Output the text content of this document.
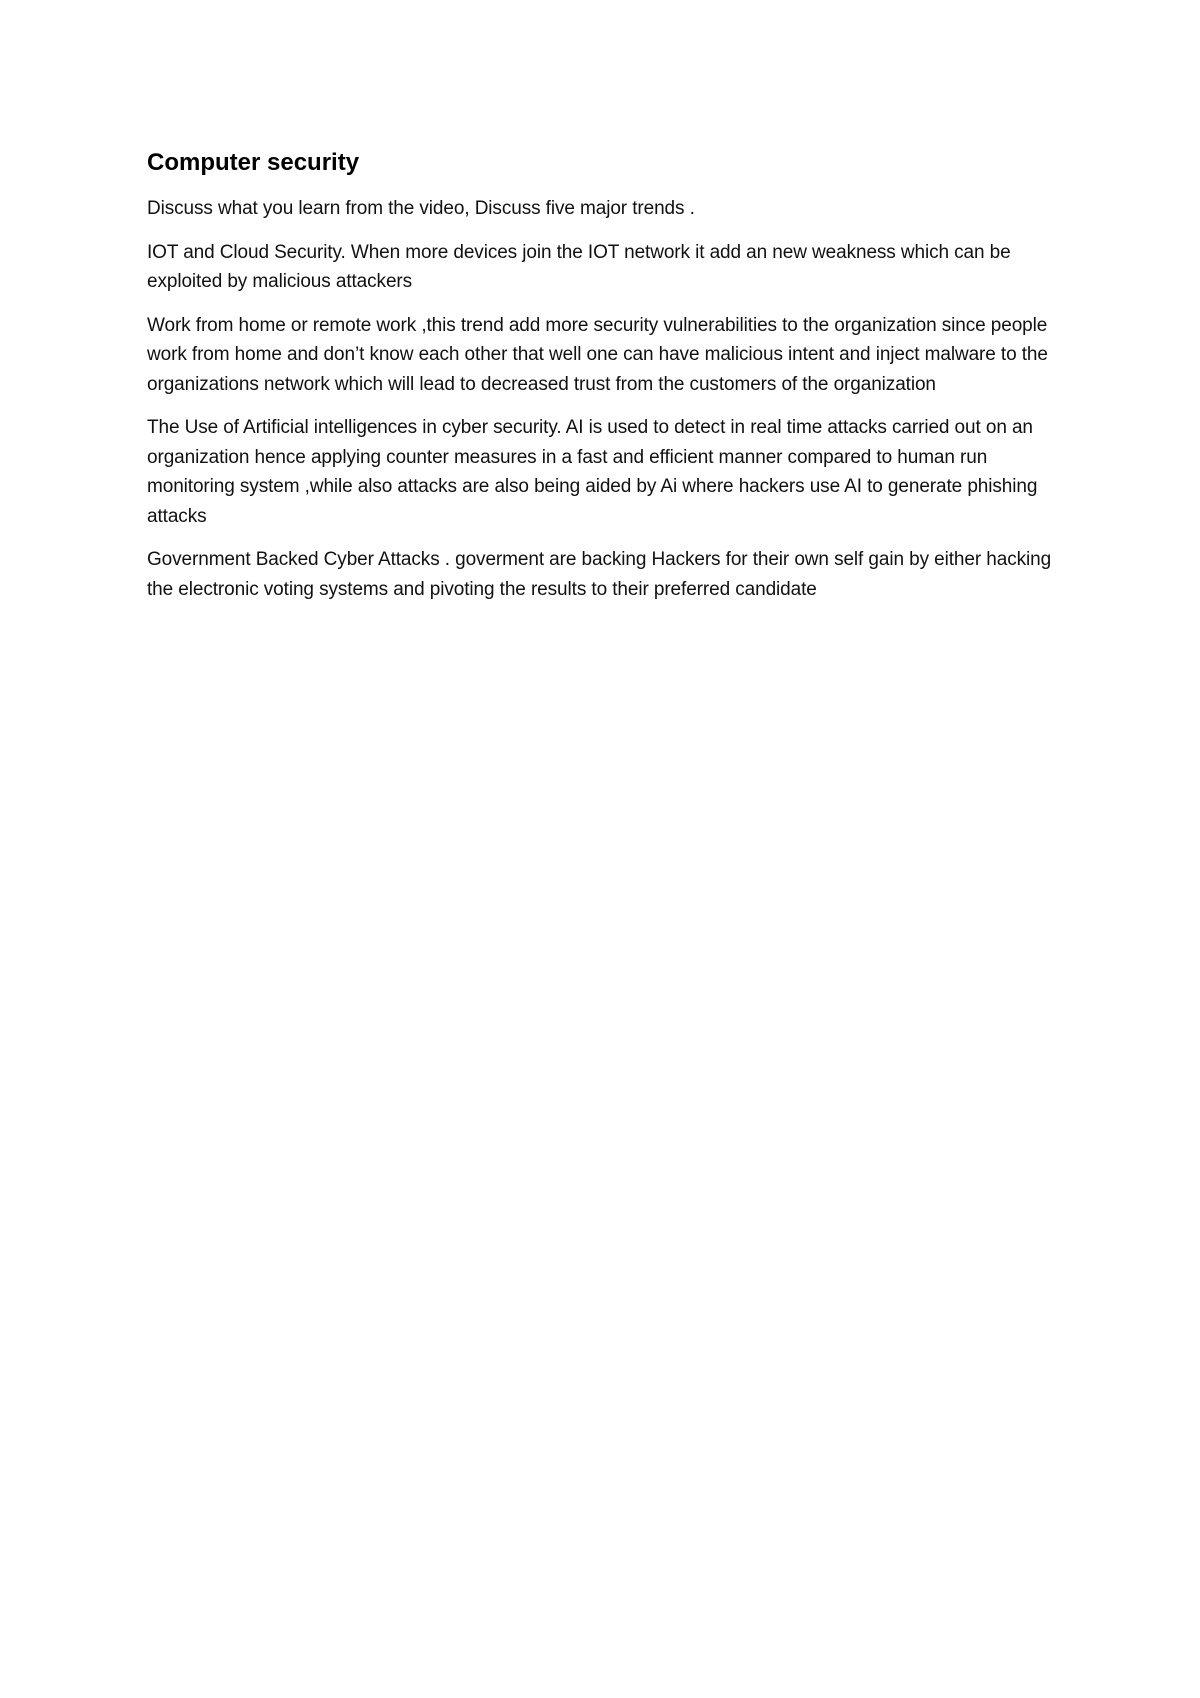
Computer security

Discuss what you learn from the video, Discuss five major trends .

IOT and Cloud Security. When more devices join the IOT network it add an new weakness which can be exploited by malicious attackers

Work from home or remote work ,this trend add more security vulnerabilities to the organization since people work from home and don’t know each other that well one can have malicious intent and inject malware to the organizations network which will lead to decreased trust from the customers of the organization

The Use of Artificial intelligences in cyber security. AI is used to detect in real time attacks carried out on an organization hence applying counter measures in a fast and efficient manner compared to human run monitoring system ,while also attacks are also being aided by Ai where hackers use AI to generate phishing attacks

Government Backed Cyber Attacks . goverment are backing Hackers for their own self gain by either hacking the electronic voting systems and pivoting the results to their preferred candidate
